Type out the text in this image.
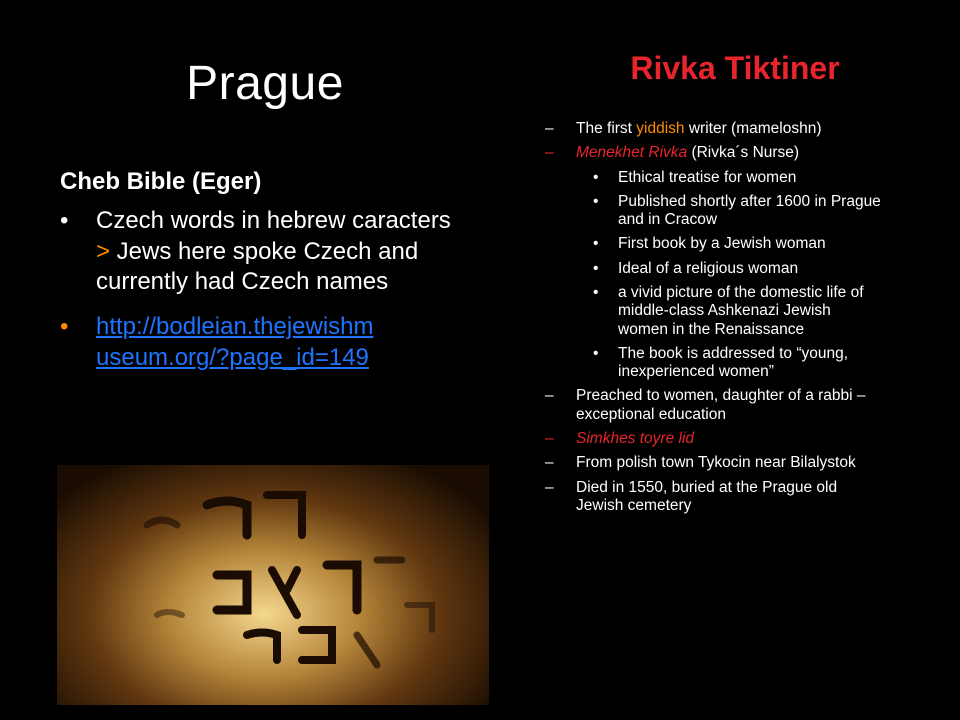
Prague
Cheb Bible (Eger)
• Czech words in hebrew caracters > Jews here spoke Czech and currently had Czech names
• http://bodleian.thejewishm
useum.org/?page_id=149
Rivka Tiktiner
– The first yiddish writer (mameloshn)
– Menekhet Rivka (Rivka´s Nurse)
• Ethical treatise for women
• Published shortly after 1600 in Prague and in Cracow
• First book by a Jewish woman
• Ideal of a religious woman
• a vivid picture of the domestic life of middle-class Ashkenazi Jewish women in the Renaissance
• The book is addressed to “young, inexperienced women”
– Preached to women, daughter of a rabbi – exceptional education
– Simkhes toyre lid
– From polish town Tykocin near Bilalystok
– Died in 1550, buried at the Prague old Jewish cemetery
